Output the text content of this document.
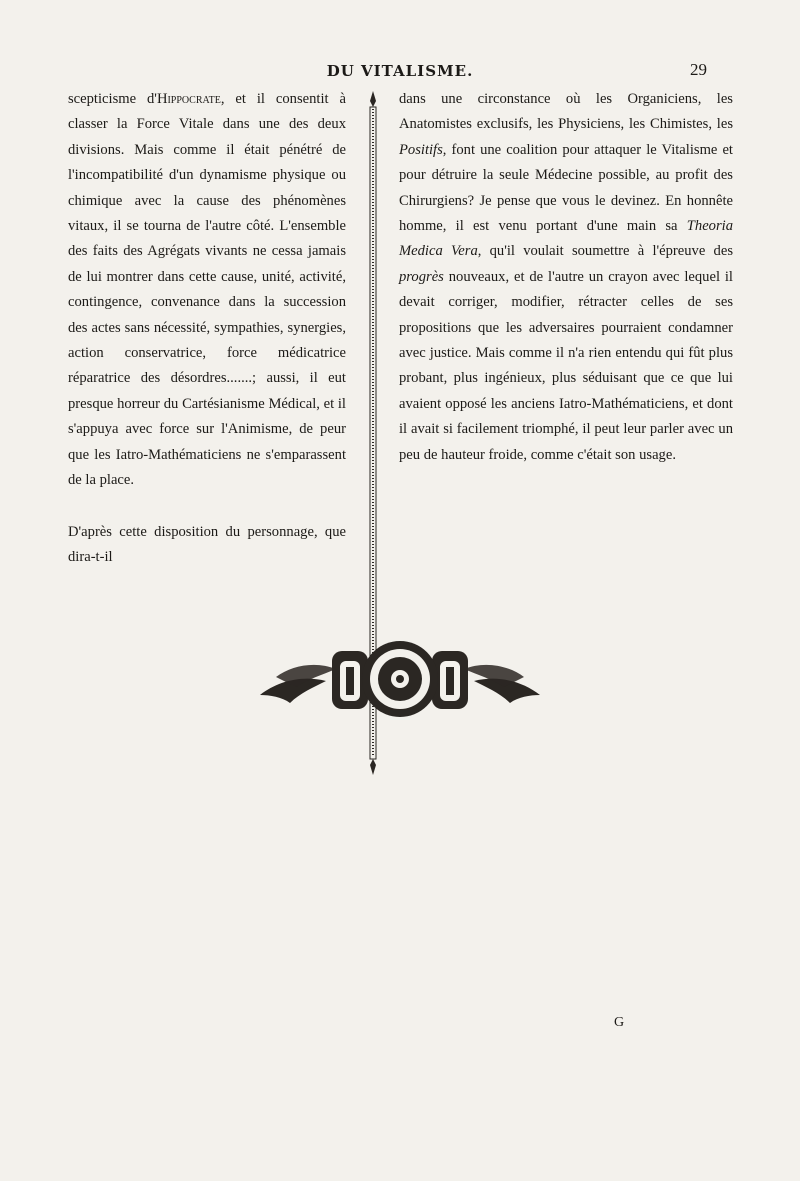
DU VITALISME.	29

scepticisme d'Hippocrate, et il consentit à classer la Force Vitale dans une des deux divisions. Mais comme il était pénétré de l'incompatibilité d'un dynamisme physique ou chimique avec la cause des phénomènes vitaux, il se tourna de l'autre côté. L'ensemble des faits des Agrégats vivants ne cessa jamais de lui montrer dans cette cause, unité, activité, contingence, convenance dans la succession des actes sans nécessité, sympathies, synergies, action conservatrice, force médicatrice réparatrice des désordres.......; aussi, il eut presque horreur du Cartésianisme Médical, et il s'appuya avec force sur l'Animisme, de peur que les Iatro-Mathématiciens ne s'emparassent de la place.

D'après cette disposition du personnage, que dira-t-il

dans une circonstance où les Organiciens, les Anatomistes exclusifs, les Physiciens, les Chimistes, les Positifs, font une coalition pour attaquer le Vitalisme et pour détruire la seule Médecine possible, au profit des Chirurgiens? Je pense que vous le devinez. En honnête homme, il est venu portant d'une main sa Theoria Medica Vera, qu'il voulait soumettre à l'épreuve des progrès nouveaux, et de l'autre un crayon avec lequel il devait corriger, modifier, rétracter celles de ses propositions que les adversaires pourraient condamner avec justice. Mais comme il n'a rien entendu qui fût plus probant, plus ingénieux, plus séduisant que ce que lui avaient opposé les anciens Iatro-Mathématiciens, et dont il avait si facilement triomphé, il peut leur parler avec un peu de hauteur froide, comme c'était son usage.

G
